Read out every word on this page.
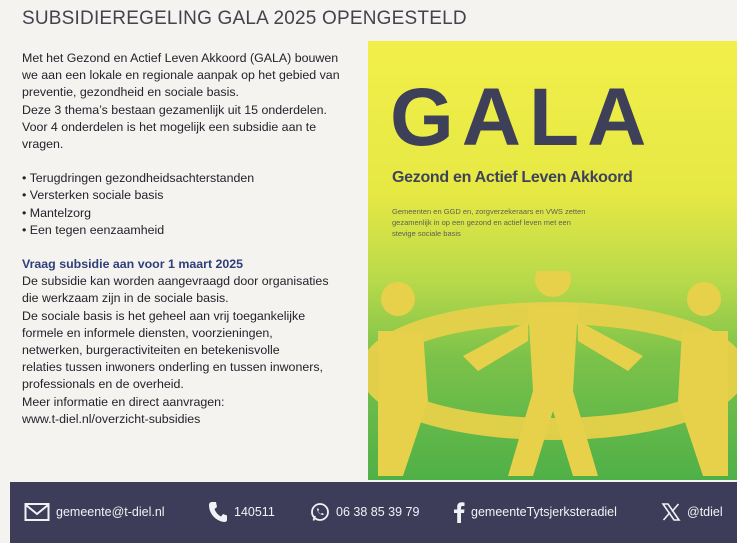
SUBSIDIEREGELING GALA 2025 OPENGESTELD

Met het Gezond en Actief Leven Akkoord (GALA) bouwen

we aan een lokale en regionale aanpak op het gebied van

preventie, gezondheid en sociale basis.

Deze 3 thema’s bestaan gezamenlijk uit 15 onderdelen.

Voor 4 onderdelen is het mogelijk een subsidie aan te

vragen.

• Terugdringen gezondheidsachterstanden
• Versterken sociale basis
• Mantelzorg
• Een tegen eenzaamheid

Vraag subsidie aan voor 1 maart 2025

De subsidie kan worden aangevraagd door organisaties

die werkzaam zijn in de sociale basis.

De sociale basis is het geheel aan vrij toegankelijke

formele en informele diensten, voorzieningen,

netwerken, burgeractiviteiten en betekenisvolle

relaties tussen inwoners onderling en tussen inwoners,

professionals en de overheid.

Meer informatie en direct aanvragen:

www.t-diel.nl/overzicht-subsidies

GALA
Gezond en Actief Leven Akkoord
Gemeenten en GGD en, zorgverzekeraars en VWS zetten gezamenlijk in op een gezond en actief leven met een stevige sociale basis
gemeente@t-diel.nl	140511	06 38 85 39 79	gemeenteTytsjerksteradiel	@tdiel
